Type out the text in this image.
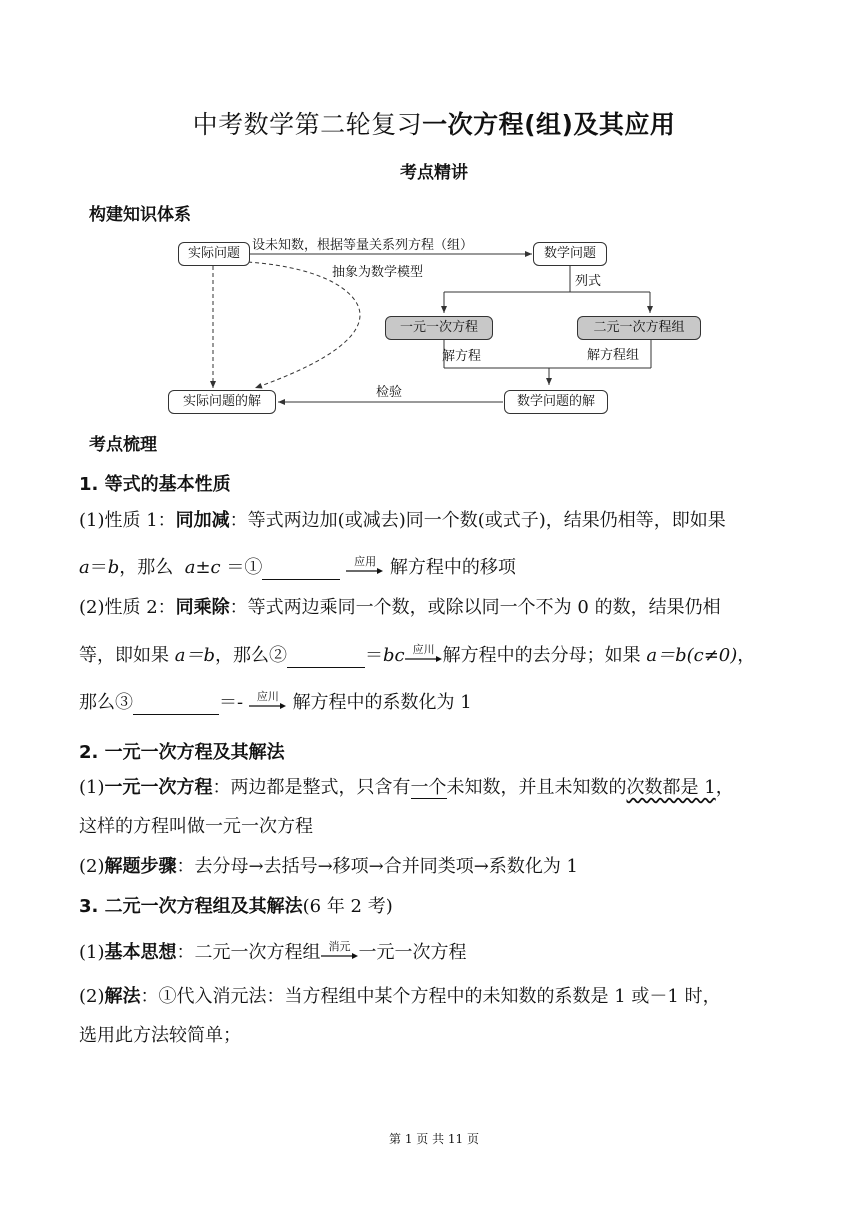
中考数学第二轮复习一次方程(组)及其应用
考点精讲
构建知识体系
实际问题	数学问题
一元一次方程	二元一次方程组
数学问题的解
实际问题的解
设未知数，根据等量关系列方程（组）
抽象为数学模型
列式
解方程	解方程组
检验
考点梳理
1. 等式的基本性质
(1)性质 1：同加减：等式两边加(或减去)同一个数(或式子)，结果仍相等，即如果
a＝b，那么 a±c ＝①	应用 解方程中的移项
(2)性质 2：同乘除：等式两边乘同一个数，或除以同一个不为 0 的数，结果仍相
等，即如果 a＝b，那么②	＝bc 应川 解方程中的去分母；如果 a＝b(c≠0)，
那么③	＝-	应川 解方程中的系数化为 1
2. 一元一次方程及其解法
(1)一元一次方程：两边都是整式，只含有一个未知数，并且未知数的次数都是 1，
这样的方程叫做一元一次方程
(2)解题步骤：去分母→去括号→移项→合并同类项→系数化为 1
3. 二元一次方程组及其解法(6 年 2 考)
(1)基本思想：二元一次方程组 消元 一元一次方程
(2)解法：①代入消元法：当方程组中某个方程中的未知数的系数是 1 或－1 时，
选用此方法较简单；
第 1 页 共 11 页
